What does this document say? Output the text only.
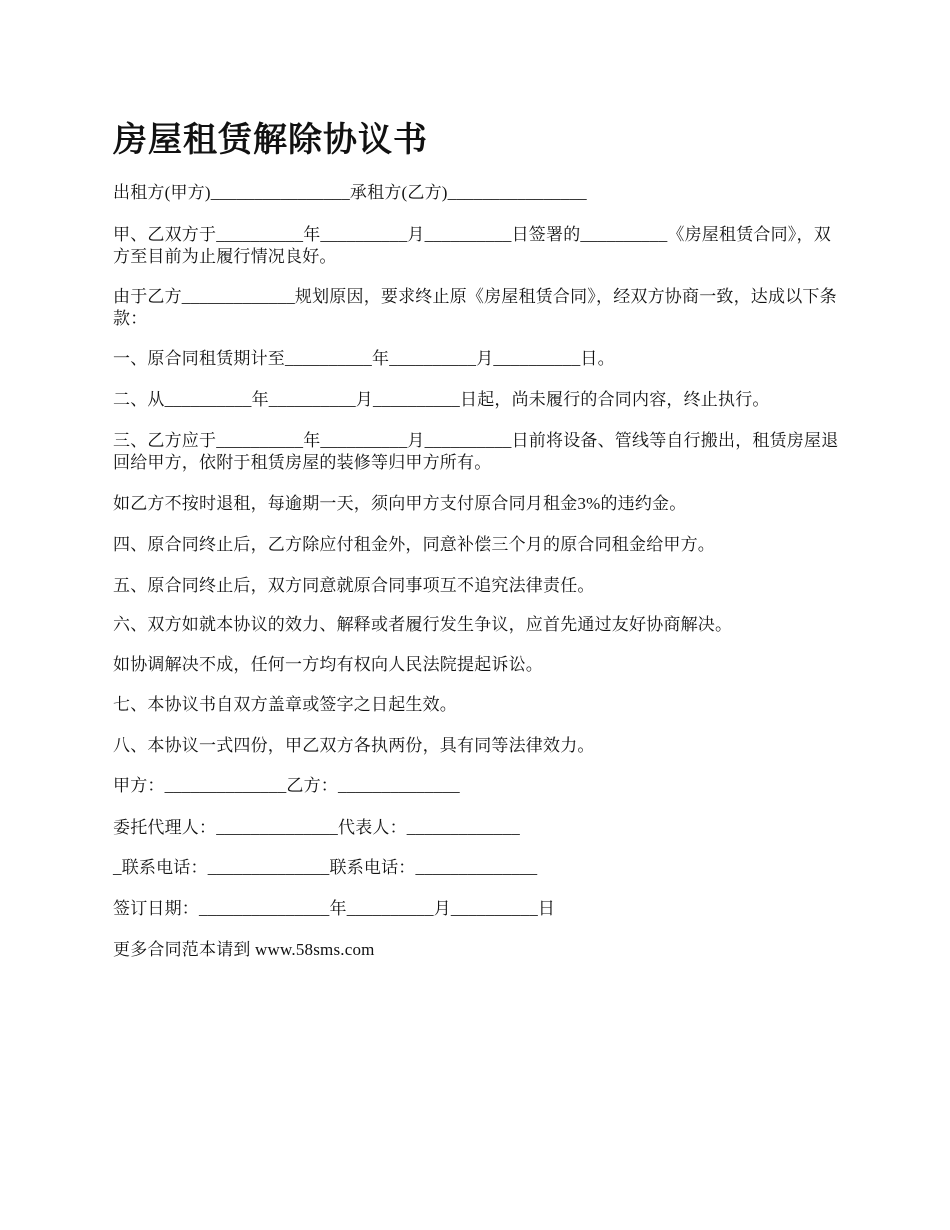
房屋租赁解除协议书

出租方(甲方)________________承租方(乙方)________________

甲、乙双方于__________年__________月__________日签署的__________《房屋租赁合同》，双方至目前为止履行情况良好。

由于乙方_____________规划原因，要求终止原《房屋租赁合同》，经双方协商一致，达成以下条款：

一、原合同租赁期计至__________年__________月__________日。

二、从__________年__________月__________日起，尚未履行的合同内容，终止执行。

三、乙方应于__________年__________月__________日前将设备、管线等自行搬出，租赁房屋退回给甲方，依附于租赁房屋的装修等归甲方所有。

如乙方不按时退租，每逾期一天，须向甲方支付原合同月租金3%的违约金。

四、原合同终止后，乙方除应付租金外，同意补偿三个月的原合同租金给甲方。

五、原合同终止后，双方同意就原合同事项互不追究法律责任。

六、双方如就本协议的效力、解释或者履行发生争议，应首先通过友好协商解决。

如协调解决不成，任何一方均有权向人民法院提起诉讼。

七、本协议书自双方盖章或签字之日起生效。

八、本协议一式四份，甲乙双方各执两份，具有同等法律效力。

甲方：______________乙方：______________

委托代理人：______________代表人：_____________

_联系电话：______________联系电话：______________

签订日期：_______________年__________月__________日

更多合同范本请到 www.58sms.com
